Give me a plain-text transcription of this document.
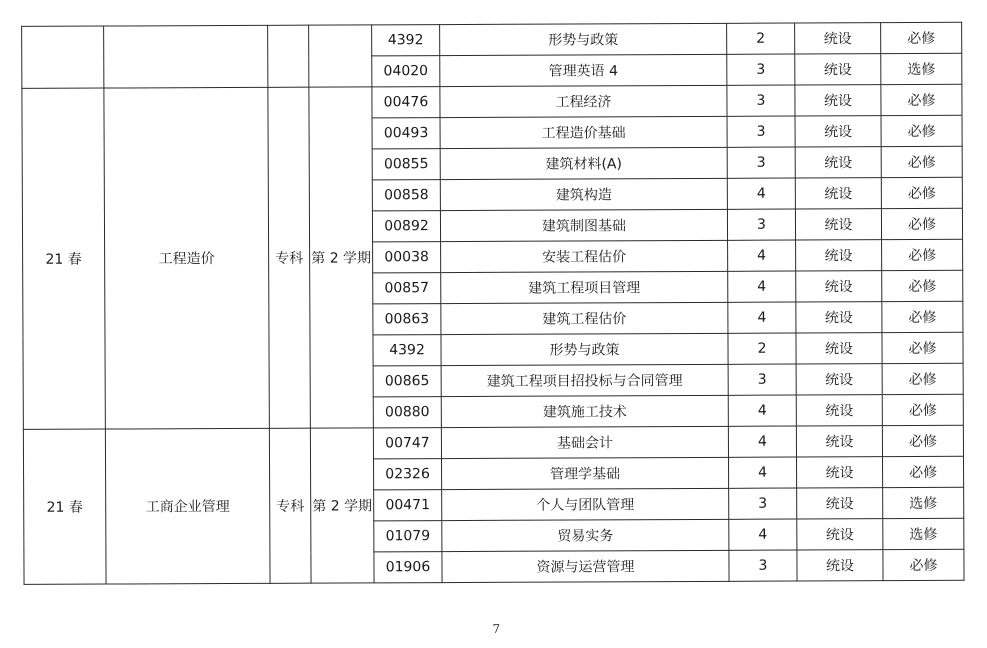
				4392	形势与政策	2	统设	必修
				04020	管理英语 4	3	统设	选修
21 春	工程造价	专科	第 2 学期	00476	工程经济	3	统设	必修
				00493	工程造价基础	3	统设	必修
				00855	建筑材料(A)	3	统设	必修
				00858	建筑构造	4	统设	必修
				00892	建筑制图基础	3	统设	必修
				00038	安装工程估价	4	统设	必修
				00857	建筑工程项目管理	4	统设	必修
				00863	建筑工程估价	4	统设	必修
				4392	形势与政策	2	统设	必修
				00865	建筑工程项目招投标与合同管理	3	统设	必修
				00880	建筑施工技术	4	统设	必修
21 春	工商企业管理	专科	第 2 学期	00747	基础会计	4	统设	必修
				02326	管理学基础	4	统设	必修
				00471	个人与团队管理	3	统设	选修
				01079	贸易实务	4	统设	选修
				01906	资源与运营管理	3	统设	必修
7
